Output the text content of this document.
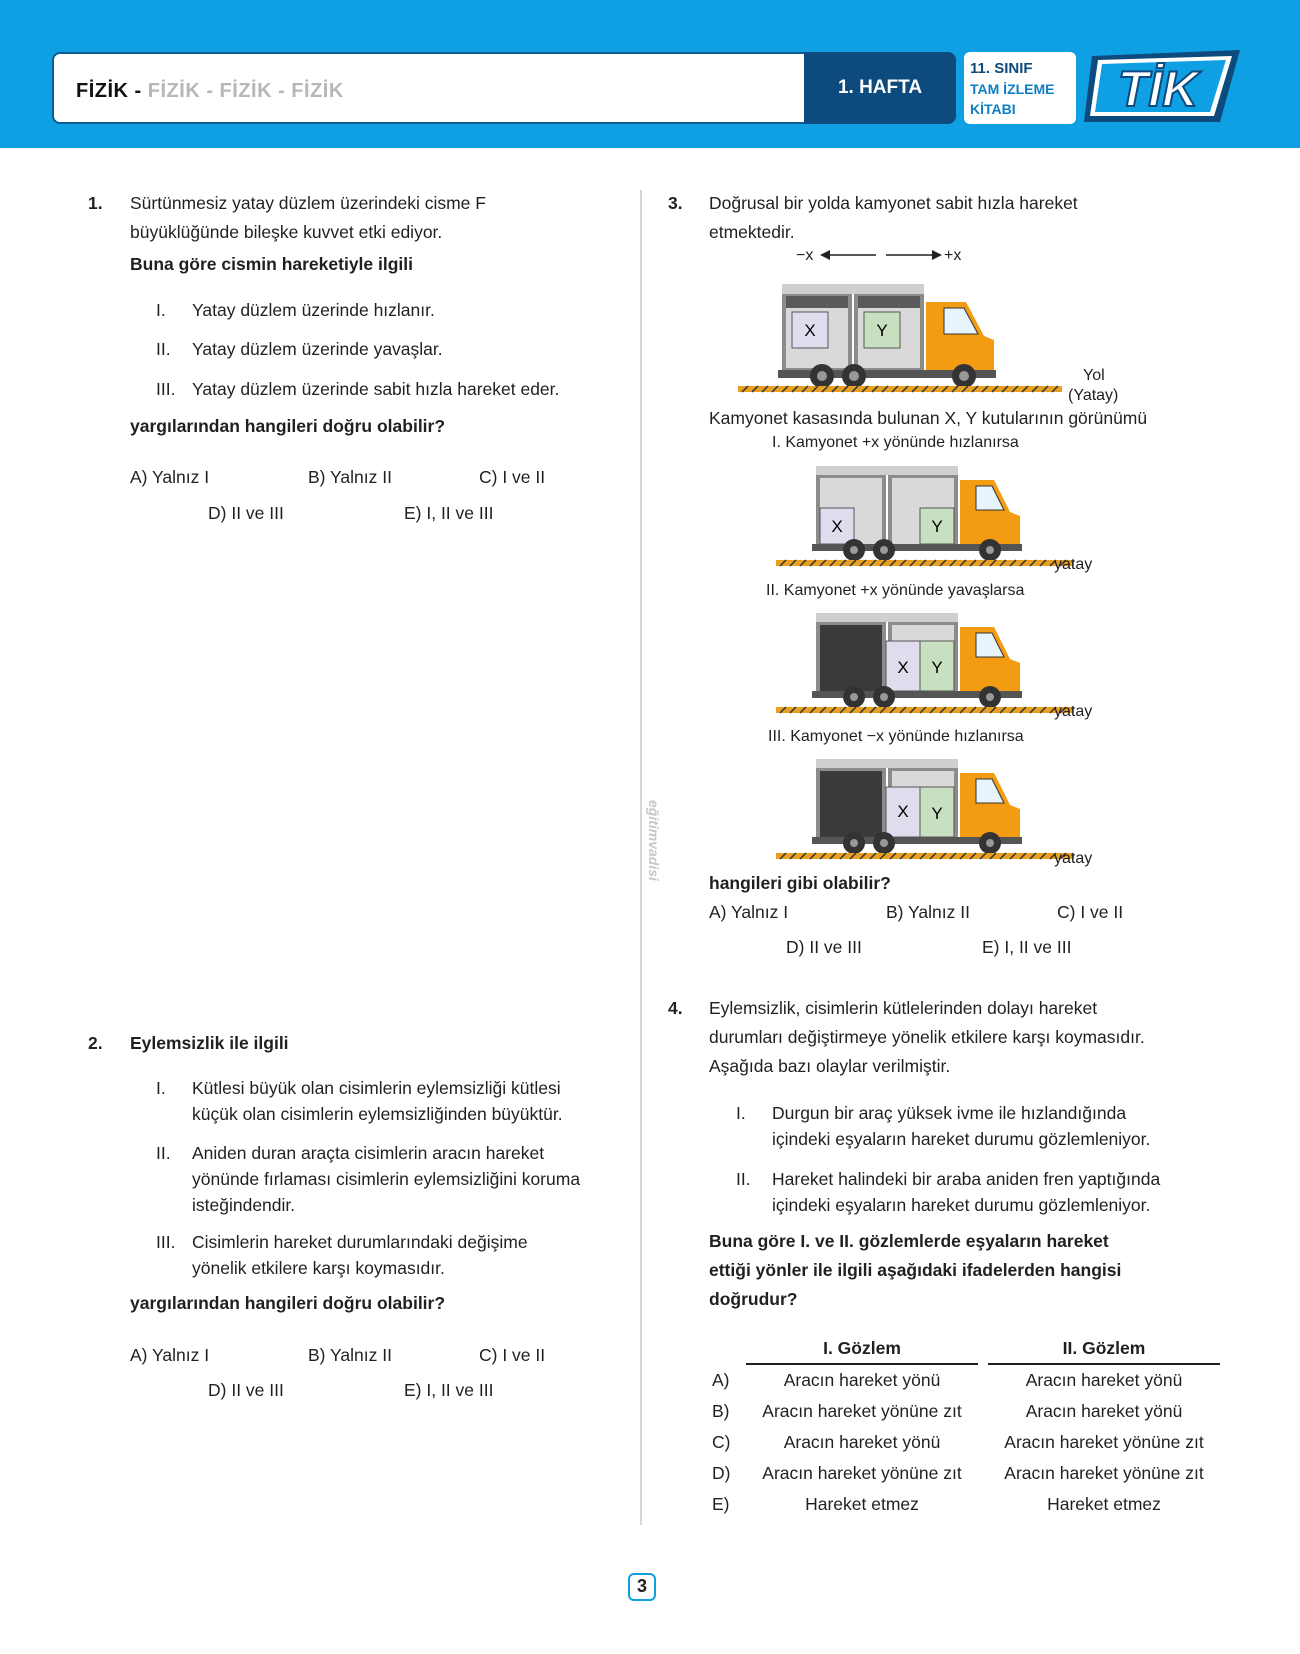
FİZİK - FİZİK - FİZİK - FİZİK	1. HAFTA
11. SINIF
TAM İZLEME
KİTABI	TİK
eğitimvadisi
1. Sürtünmesiz yatay düzlem üzerindeki cisme F
büyüklüğünde bileşke kuvvet etki ediyor.
Buna göre cismin hareketiyle ilgili
I. Yatay düzlem üzerinde hızlanır.
II. Yatay düzlem üzerinde yavaşlar.
III. Yatay düzlem üzerinde sabit hızla hareket eder.
yargılarından hangileri doğru olabilir?
A) Yalnız I	B) Yalnız II	C) I ve II
D) II ve III	E) I, II ve III
2. Eylemsizlik ile ilgili
I. Kütlesi büyük olan cisimlerin eylemsizliği kütlesi
küçük olan cisimlerin eylemsizliğinden büyüktür.
II. Aniden duran araçta cisimlerin aracın hareket
yönünde fırlaması cisimlerin eylemsizliğini koruma
isteğindendir.
III. Cisimlerin hareket durumlarındaki değişime
yönelik etkilere karşı koymasıdır.
yargılarından hangileri doğru olabilir?
A) Yalnız I	B) Yalnız II	C) I ve II
D) II ve III	E) I, II ve III
3. Doğrusal bir yolda kamyonet sabit hızla hareket
etmektedir.
−x	+x
X	Y
Yol
(Yatay)
Kamyonet kasasında bulunan X, Y kutularının görünümü
I. Kamyonet +x yönünde hızlanırsa
X	Y
yatay
II. Kamyonet +x yönünde yavaşlarsa
X Y
yatay
III. Kamyonet −x yönünde hızlanırsa
X Y
yatay
hangileri gibi olabilir?
A) Yalnız I	B) Yalnız II	C) I ve II
D) II ve III	E) I, II ve III
4. Eylemsizlik, cisimlerin kütlelerinden dolayı hareket
durumları değiştirmeye yönelik etkilere karşı koymasıdır.
Aşağıda bazı olaylar verilmiştir.
I. Durgun bir araç yüksek ivme ile hızlandığında
içindeki eşyaların hareket durumu gözlemleniyor.
II. Hareket halindeki bir araba aniden fren yaptığında
içindeki eşyaların hareket durumu gözlemleniyor.
Buna göre I. ve II. gözlemlerde eşyaların hareket
ettiği yönler ile ilgili aşağıdaki ifadelerden hangisi
doğrudur?
	I. Gözlem		II. Gözlem
A)	Aracın hareket yönü		Aracın hareket yönü
B)	Aracın hareket yönüne zıt		Aracın hareket yönü
C)	Aracın hareket yönü		Aracın hareket yönüne zıt
D)	Aracın hareket yönüne zıt		Aracın hareket yönüne zıt
E)	Hareket etmez		Hareket etmez
3
